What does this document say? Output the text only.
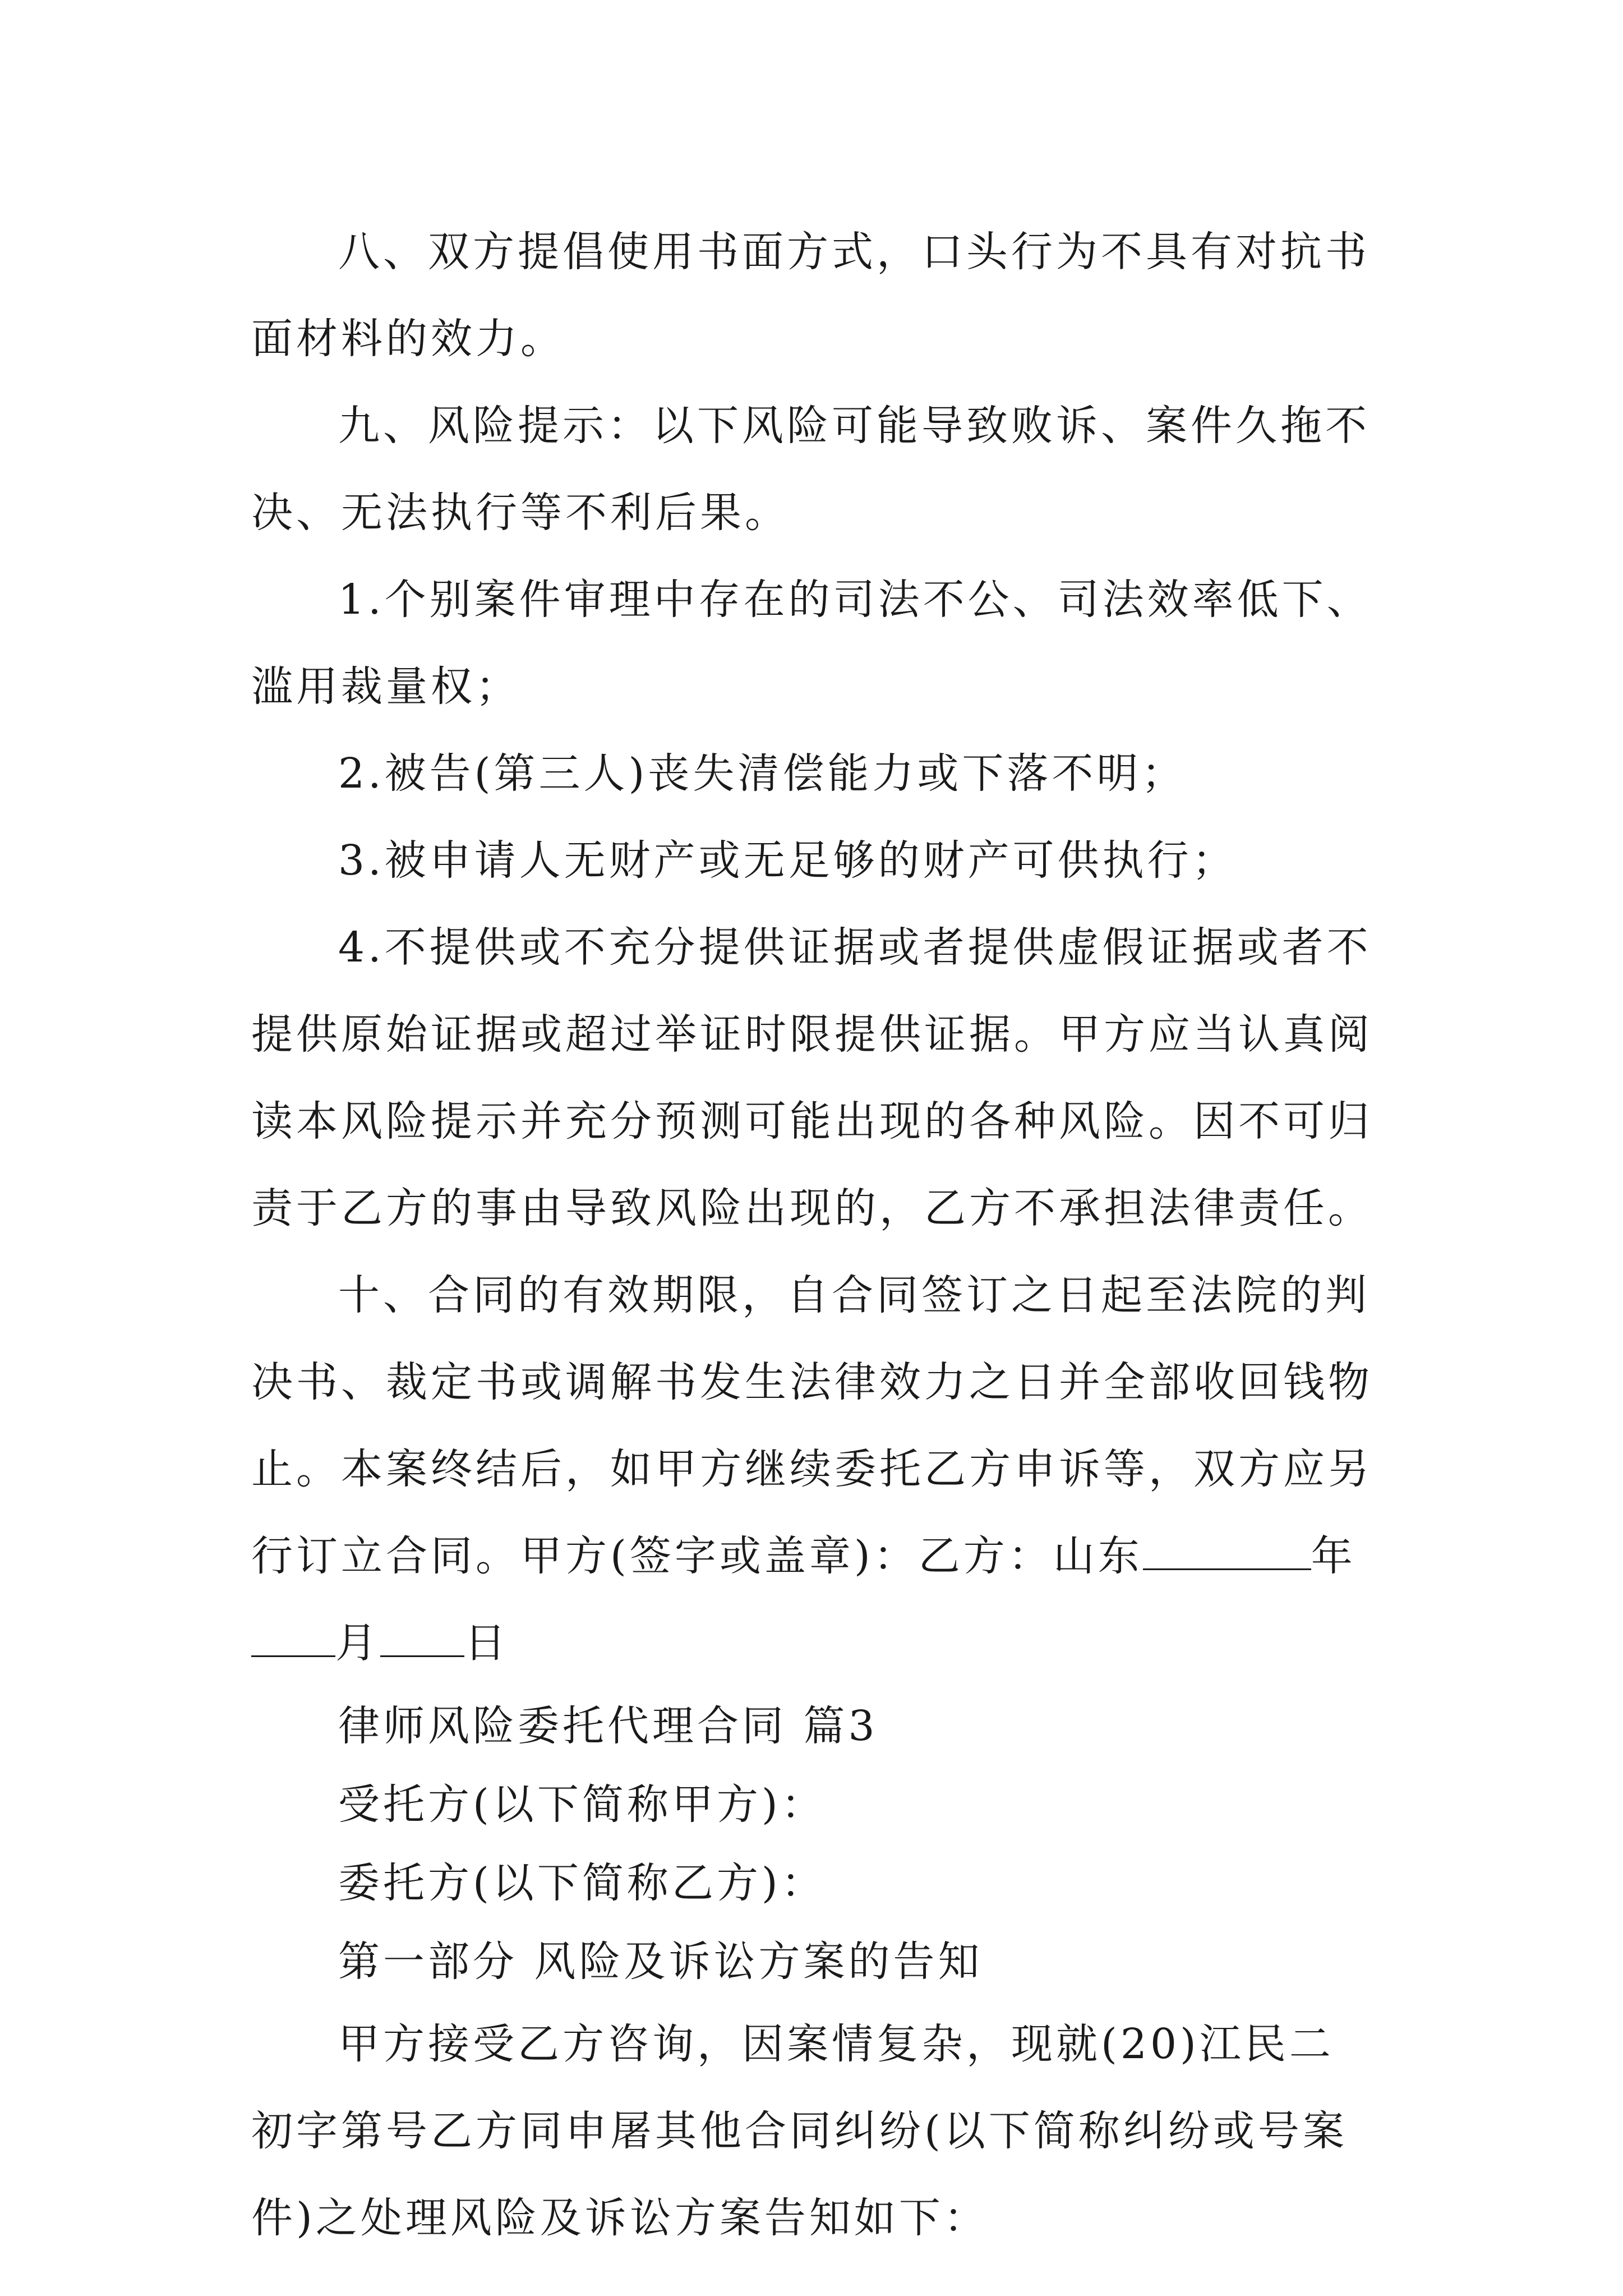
八、双方提倡使用书面方式，口头行为不具有对抗书面材料的效力。

九、风险提示：以下风险可能导致败诉、案件久拖不决、无法执行等不利后果。

1.个别案件审理中存在的司法不公、司法效率低下、滥用裁量权；

2.被告(第三人)丧失清偿能力或下落不明；

3.被申请人无财产或无足够的财产可供执行；

4.不提供或不充分提供证据或者提供虚假证据或者不提供原始证据或超过举证时限提供证据。甲方应当认真阅读本风险提示并充分预测可能出现的各种风险。因不可归责于乙方的事由导致风险出现的，乙方不承担法律责任。

十、合同的有效期限，自合同签订之日起至法院的判决书、裁定书或调解书发生法律效力之日并全部收回钱物止。本案终结后，如甲方继续委托乙方申诉等，双方应另行订立合同。甲方(签字或盖章)：乙方：山东	年月 日

律师风险委托代理合同 篇3

受托方(以下简称甲方)：

委托方(以下简称乙方)：

第一部分 风险及诉讼方案的告知

甲方接受乙方咨询，因案情复杂，现就(20)江民二初字第号乙方同申屠其他合同纠纷(以下简称纠纷或号案件)之处理风险及诉讼方案告知如下：
